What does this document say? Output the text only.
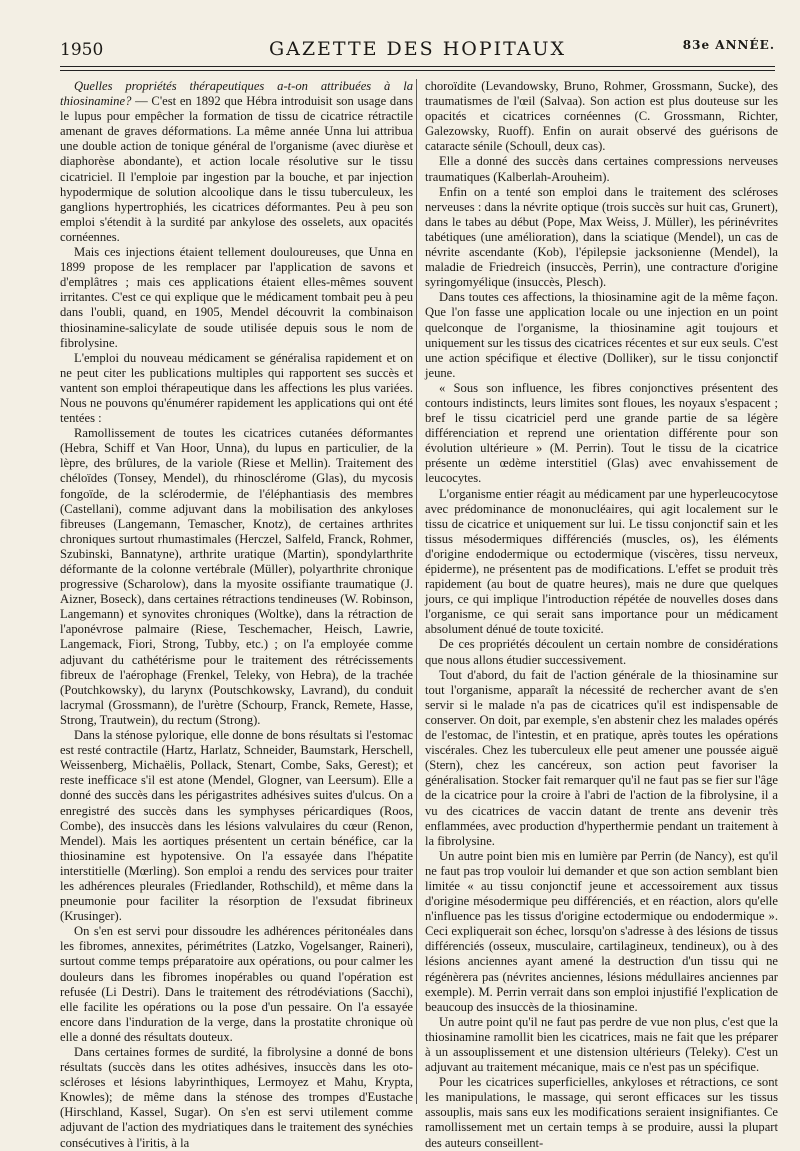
1950	GAZETTE DES HOPITAUX	83e ANNÉE.

Quelles propriétés thérapeutiques a-t-on attribuées à la thiosinamine? — C'est en 1892 que Hébra introduisit son usage dans le lupus pour empêcher la formation de tissu de cicatrice rétractile amenant de graves déformations. La même année Unna lui attribua une double action de tonique général de l'organisme (avec diurèse et diaphorèse abondante), et action locale résolutive sur le tissu cicatriciel. Il l'emploie par ingestion par la bouche, et par injection hypodermique de solution alcoolique dans le tissu tuberculeux, les ganglions hypertrophiés, les cicatrices déformantes. Peu à peu son emploi s'étendit à la surdité par ankylose des osselets, aux opacités cornéennes.

Mais ces injections étaient tellement douloureuses, que Unna en 1899 propose de les remplacer par l'application de savons et d'emplâtres ; mais ces applications étaient elles-mêmes souvent irritantes. C'est ce qui explique que le médicament tombait peu à peu dans l'oubli, quand, en 1905, Mendel découvrit la combinaison thiosinamine-salicylate de soude utilisée depuis sous le nom de fibrolysine.

L'emploi du nouveau médicament se généralisa rapidement et on ne peut citer les publications multiples qui rapportent ses succès et vantent son emploi thérapeutique dans les affections les plus variées. Nous ne pouvons qu'énumérer rapidement les applications qui ont été tentées :

Ramollissement de toutes les cicatrices cutanées déformantes (Hebra, Schiff et Van Hoor, Unna), du lupus en particulier, de la lèpre, des brûlures, de la variole (Riese et Mellin). Traitement des chéloïdes (Tonsey, Mendel), du rhinosclérome (Glas), du mycosis fongoïde, de la sclérodermie, de l'éléphantiasis des membres (Castellani), comme adjuvant dans la mobilisation des ankyloses fibreuses (Langemann, Temascher, Knotz), de certaines arthrites chroniques surtout rhumastimales (Herczel, Salfeld, Franck, Rohmer, Szubinski, Bannatyne), arthrite uratique (Martin), spondylarthrite déformante de la colonne vertébrale (Müller), polyarthrite chronique progressive (Scharolow), dans la myosite ossifiante traumatique (J. Aizner, Boseck), dans certaines rétractions tendineuses (W. Robinson, Langemann) et synovites chroniques (Woltke), dans la rétraction de l'aponévrose palmaire (Riese, Teschemacher, Heisch, Lawrie, Langemack, Fiori, Strong, Tubby, etc.) ; on l'a employée comme adjuvant du cathétérisme pour le traitement des rétrécissements fibreux de l'aérophage (Frenkel, Teleky, von Hebra), de la trachée (Poutchkowsky), du larynx (Poutschkowsky, Lavrand), du conduit lacrymal (Grossmann), de l'urètre (Schourp, Franck, Remete, Hasse, Strong, Trautwein), du rectum (Strong).

Dans la sténose pylorique, elle donne de bons résultats si l'estomac est resté contractile (Hartz, Harlatz, Schneider, Baumstark, Herschell, Weissenberg, Michaëlis, Pollack, Stenart, Combe, Saks, Gerest); et reste inefficace s'il est atone (Mendel, Glogner, van Leersum). Elle a donné des succès dans les périgastrites adhésives suites d'ulcus. On a enregistré des succès dans les symphyses péricardiques (Roos, Combe), des insuccès dans les lésions valvulaires du cœur (Renon, Mendel). Mais les aortiques présentent un certain bénéfice, car la thiosinamine est hypotensive. On l'a essayée dans l'hépatite interstitielle (Mœrling). Son emploi a rendu des services pour traiter les adhérences pleurales (Friedlander, Rothschild), et même dans la pneumonie pour faciliter la résorption de l'exsudat fibrineux (Krusinger).

On s'en est servi pour dissoudre les adhérences péritonéales dans les fibromes, annexites, périmétrites (Latzko, Vogelsanger, Raineri), surtout comme temps préparatoire aux opérations, ou pour calmer les douleurs dans les fibromes inopérables ou quand l'opération est refusée (Li Destri). Dans le traitement des rétrodéviations (Sacchi), elle facilite les opérations ou la pose d'un pessaire. On l'a essayée encore dans l'induration de la verge, dans la prostatite chronique où elle a donné des résultats douteux.

Dans certaines formes de surdité, la fibrolysine a donné de bons résultats (succès dans les otites adhésives, insuccès dans les oto-scléroses et lésions labyrinthiques, Lermoyez et Mahu, Krypta, Knowles); de même dans la sténose des trompes d'Eustache (Hirschland, Kassel, Sugar). On s'en est servi utilement comme adjuvant de l'action des mydriatiques dans le traitement des synéchies consécutives à l'iritis, à la

choroïdite (Levandowsky, Bruno, Rohmer, Grossmann, Sucke), des traumatismes de l'œil (Salvaa). Son action est plus douteuse sur les opacités et cicatrices cornéennes (C. Grossmann, Richter, Galezowsky, Ruoff). Enfin on aurait observé des guérisons de cataracte sénile (Schoull, deux cas).

Elle a donné des succès dans certaines compressions nerveuses traumatiques (Kalberlah-Arouheim).

Enfin on a tenté son emploi dans le traitement des scléroses nerveuses : dans la névrite optique (trois succès sur huit cas, Grunert), dans le tabes au début (Pope, Max Weiss, J. Müller), les périnévrites tabétiques (une amélioration), dans la sciatique (Mendel), un cas de névrite ascendante (Kob), l'épilepsie jacksonienne (Mendel), la maladie de Friedreich (insuccès, Perrin), une contracture d'origine syringomyélique (insuccès, Plesch).

Dans toutes ces affections, la thiosinamine agit de la même façon. Que l'on fasse une application locale ou une injection en un point quelconque de l'organisme, la thiosinamine agit toujours et uniquement sur les tissus des cicatrices récentes et sur eux seuls. C'est une action spécifique et élective (Dolliker), sur le tissu conjonctif jeune.

« Sous son influence, les fibres conjonctives présentent des contours indistincts, leurs limites sont floues, les noyaux s'espacent ; bref le tissu cicatriciel perd une grande partie de sa légère différenciation et reprend une orientation différente pour son évolution ultérieure » (M. Perrin). Tout le tissu de la cicatrice présente un œdème interstitiel (Glas) avec envahissement de leucocytes.

L'organisme entier réagit au médicament par une hyperleucocytose avec prédominance de mononucléaires, qui agit localement sur le tissu de cicatrice et uniquement sur lui. Le tissu conjonctif sain et les tissus mésodermiques différenciés (muscles, os), les éléments d'origine endodermique ou ectodermique (viscères, tissu nerveux, épiderme), ne présentent pas de modifications. L'effet se produit très rapidement (au bout de quatre heures), mais ne dure que quelques jours, ce qui implique l'introduction répétée de nouvelles doses dans l'organisme, ce qui serait sans importance pour un médicament absolument dénué de toute toxicité.

De ces propriétés découlent un certain nombre de considérations que nous allons étudier successivement.

Tout d'abord, du fait de l'action générale de la thiosinamine sur tout l'organisme, apparaît la nécessité de rechercher avant de s'en servir si le malade n'a pas de cicatrices qu'il est indispensable de conserver. On doit, par exemple, s'en abstenir chez les malades opérés de l'estomac, de l'intestin, et en pratique, après toutes les opérations viscérales. Chez les tuberculeux elle peut amener une poussée aiguë (Stern), chez les cancéreux, son action peut favoriser la généralisation. Stocker fait remarquer qu'il ne faut pas se fier sur l'âge de la cicatrice pour la croire à l'abri de l'action de la fibrolysine, il a vu des cicatrices de vaccin datant de trente ans devenir très enflammées, avec production d'hyperthermie pendant un traitement à la fibrolysine.

Un autre point bien mis en lumière par Perrin (de Nancy), est qu'il ne faut pas trop vouloir lui demander et que son action semblant bien limitée « au tissu conjonctif jeune et accessoirement aux tissus d'origine mésodermique peu différenciés, et en réaction, alors qu'elle n'influence pas les tissus d'origine ectodermique ou endodermique ». Ceci expliquerait son échec, lorsqu'on s'adresse à des lésions de tissus différenciés (osseux, musculaire, cartilagineux, tendineux), ou à des lésions anciennes ayant amené la destruction d'un tissu qui ne régénèrera pas (névrites anciennes, lésions médullaires anciennes par exemple). M. Perrin verrait dans son emploi injustifié l'explication de beaucoup des insuccès de la thiosinamine.

Un autre point qu'il ne faut pas perdre de vue non plus, c'est que la thiosinamine ramollit bien les cicatrices, mais ne fait que les préparer à un assouplissement et une distension ultérieurs (Teleky). C'est un adjuvant au traitement mécanique, mais ce n'est pas un spécifique.

Pour les cicatrices superficielles, ankyloses et rétractions, ce sont les manipulations, le massage, qui seront efficaces sur les tissus assouplis, mais sans eux les modifications seraient insignifiantes. Ce ramollissement met un certain temps à se produire, aussi la plupart des auteurs conseillent-
